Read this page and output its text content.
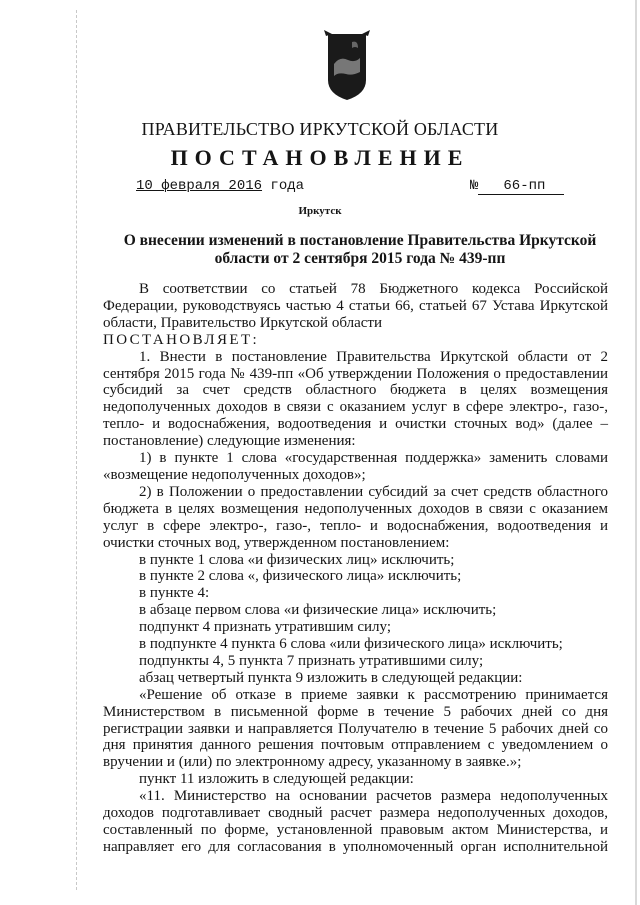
ПРАВИТЕЛЬСТВО ИРКУТСКОЙ ОБЛАСТИ
ПОСТАНОВЛЕНИЕ
10 февраля 2016 года	№ 66-пп
Иркутск
О внесении изменений в постановление Правительства Иркутской
области от 2 сентября 2015 года № 439-пп

В соответствии со статьей 78 Бюджетного кодекса Российской Федерации, руководствуясь частью 4 статьи 66, статьей 67 Устава Иркутской области, Правительство Иркутской области

ПОСТАНОВЛЯЕТ:

1. Внести в постановление Правительства Иркутской области от 2 сентября 2015 года № 439-пп «Об утверждении Положения о предоставлении субсидий за счет средств областного бюджета в целях возмещения недополученных доходов в связи с оказанием услуг в сфере электро-, газо-, тепло- и водоснабжения, водоотведения и очистки сточных вод» (далее – постановление) следующие изменения:

1) в пункте 1 слова «государственная поддержка» заменить словами «возмещение недополученных доходов»;

2) в Положении о предоставлении субсидий за счет средств областного бюджета в целях возмещения недополученных доходов в связи с оказанием услуг в сфере электро-, газо-, тепло- и водоснабжения, водоотведения и очистки сточных вод, утвержденном постановлением:

в пункте 1 слова «и физических лиц» исключить;

в пункте 2 слова «, физического лица» исключить;

в пункте 4:

в абзаце первом слова «и физические лица» исключить;

подпункт 4 признать утратившим силу;

в подпункте 4 пункта 6 слова «или физического лица» исключить;

подпункты 4, 5 пункта 7 признать утратившими силу;

абзац четвертый пункта 9 изложить в следующей редакции:

«Решение об отказе в приеме заявки к рассмотрению принимается Министерством в письменной форме в течение 5 рабочих дней со дня регистрации заявки и направляется Получателю в течение 5 рабочих дней со дня принятия данного решения почтовым отправлением с уведомлением о вручении и (или) по электронному адресу, указанному в заявке.»;

пункт 11 изложить в следующей редакции:

«11. Министерство на основании расчетов размера недополученных доходов подготавливает сводный расчет размера недополученных доходов, составленный по форме, установленной правовым актом Министерства, и направляет его для согласования в уполномоченный орган исполнительной
